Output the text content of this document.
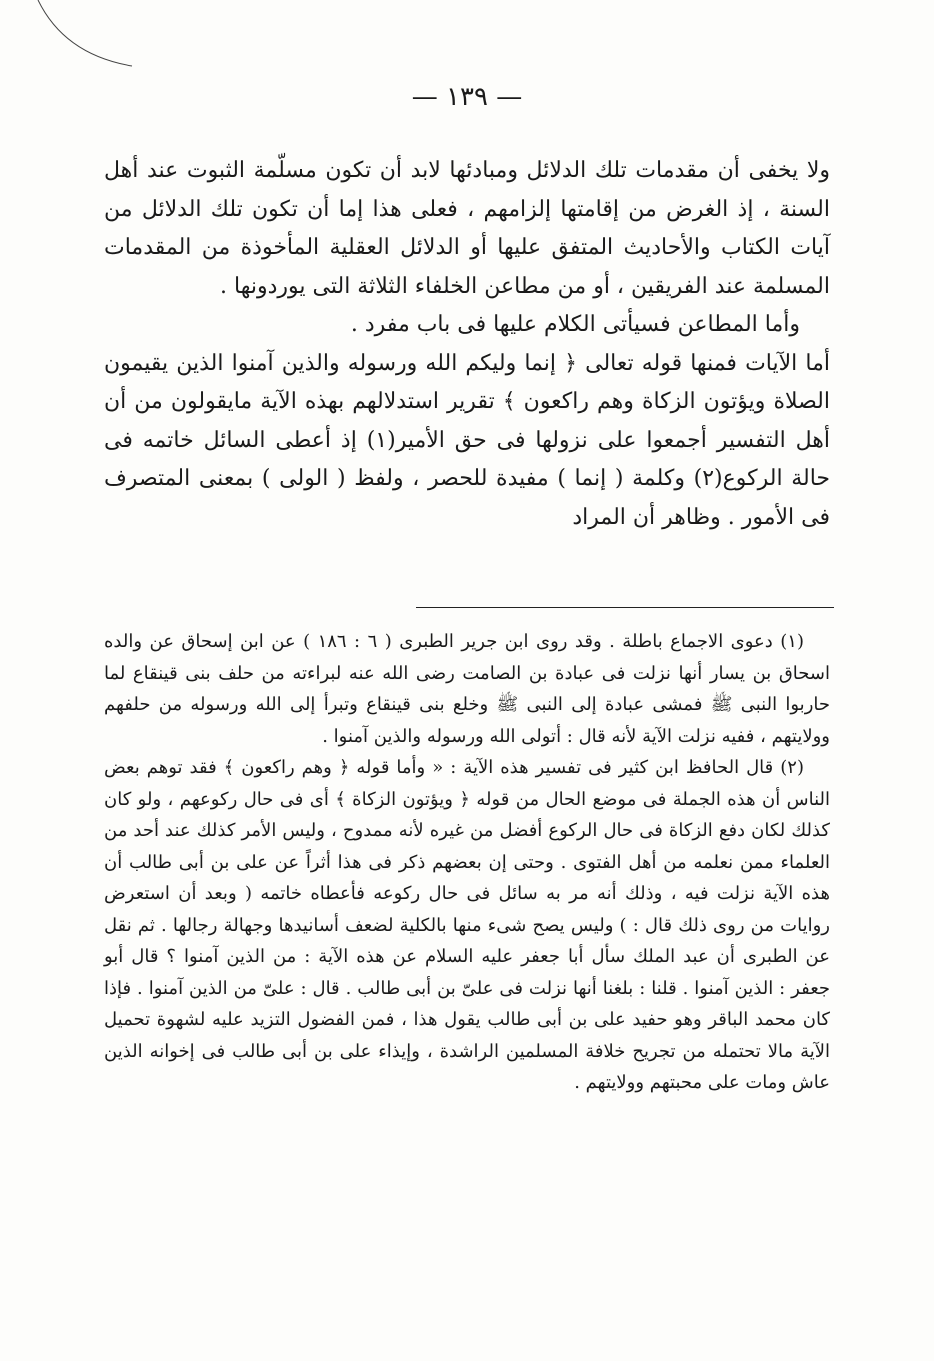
— ١٣٩ —

ولا يخفى أن مقدمات تلك الدلائل ومبادئها لابد أن تكون مسلّمة الثبوت عند أهل السنة ، إذ الغرض من إقامتها إلزامهم ، فعلى هذا إما أن تكون تلك الدلائل من آيات الكتاب والأحاديث المتفق عليها أو الدلائل العقلية المأخوذة من المقدمات المسلمة عند الفريقين ، أو من مطاعن الخلفاء الثلاثة التى يوردونها .

وأما المطاعن فسيأتى الكلام عليها فى باب مفرد .

أما الآيات فمنها قوله تعالى ﴿ إنما وليكم الله ورسوله والذين آمنوا الذين يقيمون الصلاة ويؤتون الزكاة وهم راكعون ﴾ تقرير استدلالهم بهذه الآية مايقولون من أن أهل التفسير أجمعوا على نزولها فى حق الأمير(١) إذ أعطى السائل خاتمه فى حالة الركوع(٢) وكلمة ( إنما ) مفيدة للحصر ، ولفظ ( الولى ) بمعنى المتصرف فى الأمور . وظاهر أن المراد

(١) دعوى الاجماع باطلة . وقد روى ابن جرير الطبرى ( ٦ : ١٨٦ ) عن ابن إسحاق عن والده اسحاق بن يسار أنها نزلت فى عبادة بن الصامت رضى الله عنه لبراءته من حلف بنى قينقاع لما حاربوا النبى ﷺ فمشى عبادة إلى النبى ﷺ وخلع بنى قينقاع وتبرأ إلى الله ورسوله من حلفهم وولايتهم ، ففيه نزلت الآية لأنه قال : أتولى الله ورسوله والذين آمنوا .

(٢) قال الحافظ ابن كثير فى تفسير هذه الآية : « وأما قوله ﴿ وهم راكعون ﴾ فقد توهم بعض الناس أن هذه الجملة فى موضع الحال من قوله ﴿ ويؤتون الزكاة ﴾ أى فى حال ركوعهم ، ولو كان كذلك لكان دفع الزكاة فى حال الركوع أفضل من غيره لأنه ممدوح ، وليس الأمر كذلك عند أحد من العلماء ممن نعلمه من أهل الفتوى . وحتى إن بعضهم ذكر فى هذا أثراً عن على بن أبى طالب أن هذه الآية نزلت فيه ، وذلك أنه مر به سائل فى حال ركوعه فأعطاه خاتمه ( وبعد أن استعرض روايات من روى ذلك قال : ) وليس يصح شىء منها بالكلية لضعف أسانيدها وجهالة رجالها . ثم نقل عن الطبرى أن عبد الملك سأل أبا جعفر عليه السلام عن هذه الآية : من الذين آمنوا ؟ قال أبو جعفر : الذين آمنوا . قلنا : بلغنا أنها نزلت فى علىّ بن أبى طالب . قال : علىّ من الذين آمنوا . فإذا كان محمد الباقر وهو حفيد على بن أبى طالب يقول هذا ، فمن الفضول التزيد عليه لشهوة تحميل الآية مالا تحتمله من تجريح خلافة المسلمين الراشدة ، وإيذاء على بن أبى طالب فى إخوانه الذين عاش ومات على محبتهم وولايتهم .
